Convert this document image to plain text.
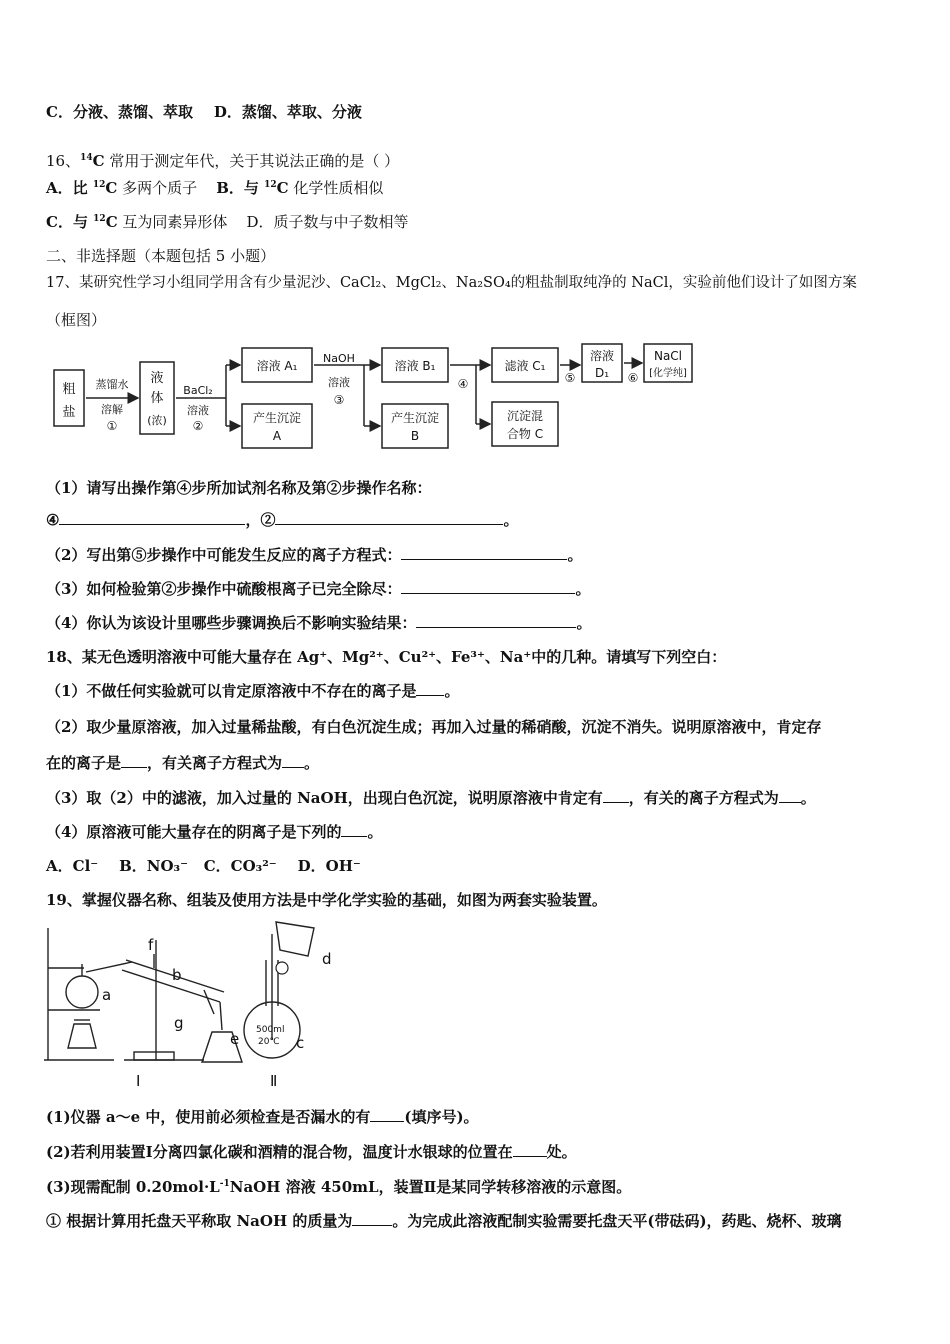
C．分液、蒸馏、萃取 D．蒸馏、萃取、分液
16、$^{14}$C 常用于测定年代，关于其说法正确的是（ ）
A．比 $^{12}$C 多两个质子 B．与 $^{12}$C 化学性质相似
C．与 $^{12}$C 互为同素异形体 D．质子数与中子数相等
二、非选择题（本题包括 5 小题）
17、某研究性学习小组同学用含有少量泥沙、CaCl₂、MgCl₂、Na₂SO₄的粗盐制取纯净的 NaCl，实验前他们设计了如图方案
（框图）
粗
盐
蒸馏水
溶解
①
液
体
(浓)
BaCl₂
溶液
②
溶液 A₁
产生沉淀
A
NaOH
溶液
③
溶液 B₁
产生沉淀
B
④
滤液 C₁
沉淀混
合物 C
⑤
溶液
D₁ ⑥
NaCl
[化学纯]
（1）请写出操作第④步所加试剂名称及第②步操作名称：
④	，②	。
（2）写出第⑤步操作中可能发生反应的离子方程式：	。
（3）如何检验第②步操作中硫酸根离子已完全除尽：	。
（4）你认为该设计里哪些步骤调换后不影响实验结果：	。
18、某无色透明溶液中可能大量存在 Ag⁺、Mg²⁺、Cu²⁺、Fe³⁺、Na⁺中的几种。请填写下列空白：
（1）不做任何实验就可以肯定原溶液中不存在的离子是 。
（2）取少量原溶液，加入过量稀盐酸，有白色沉淀生成；再加入过量的稀硝酸，沉淀不消失。说明原溶液中，肯定存
在的离子是 ，有关离子方程式为 。
（3）取（2）中的滤液，加入过量的 NaOH，出现白色沉淀，说明原溶液中肯定有 ，有关的离子方程式为 。
（4）原溶液可能大量存在的阴离子是下列的 。
A．Cl⁻ B．NO₃⁻ C．CO₃²⁻ D．OH⁻
19、掌握仪器名称、组装及使用方法是中学化学实验的基础，如图为两套实验装置。
a
b
f
g
e	c
d
500ml
20℃
Ⅰ	Ⅱ
(1)仪器 a～e 中，使用前必须检查是否漏水的有 (填序号)。
(2)若利用装置Ⅰ分离四氯化碳和酒精的混合物，温度计水银球的位置在 处。
(3)现需配制 $0.20mol\cdot L^{-1}NaOH$ 溶液 450mL，装置Ⅱ是某同学转移溶液的示意图。
① 根据计算用托盘天平称取 NaOH 的质量为	。为完成此溶液配制实验需要托盘天平(带砝码)，药匙、烧杯、玻璃
